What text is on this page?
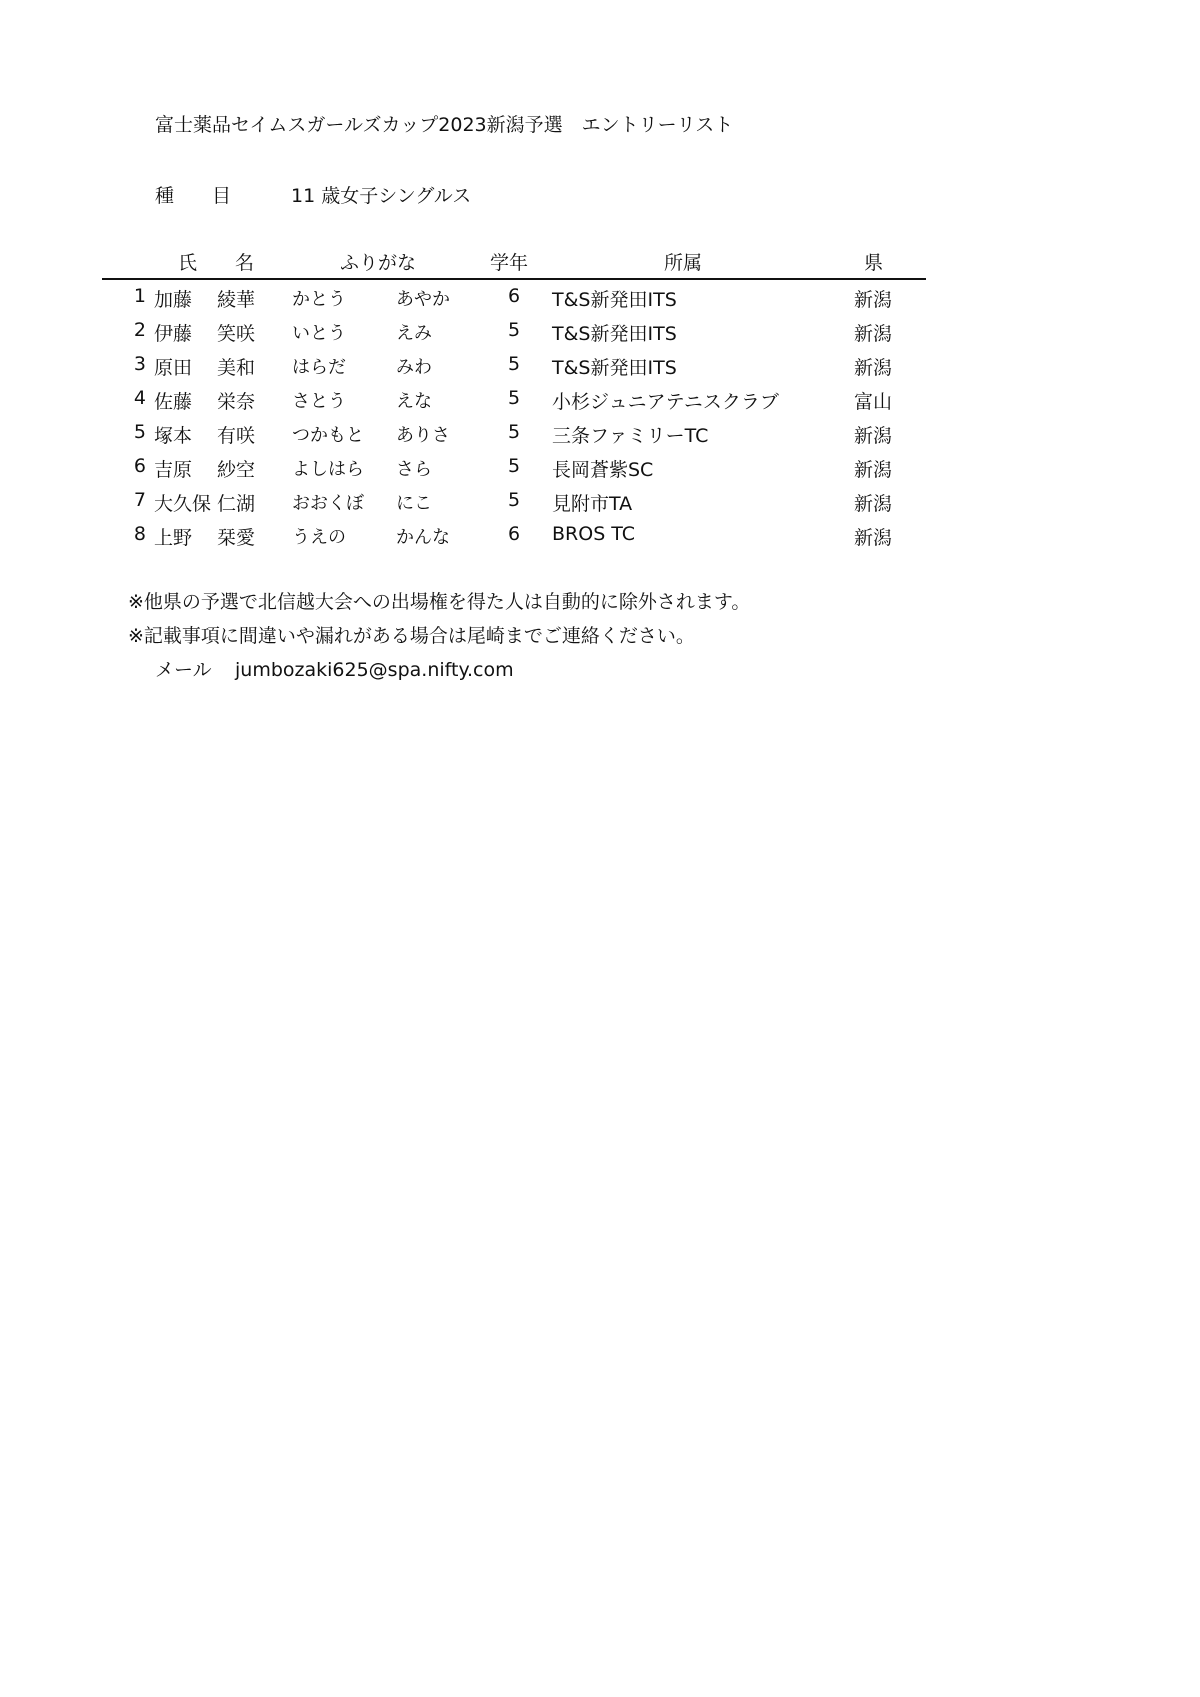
富士薬品セイムスガールズカップ2023新潟予選　エントリーリスト
種　　目	11 歳女子シングルス
氏　　名	ふりがな	学年	所属	県
1 加藤 綾華 かとう	あやか	6 T&S新発田ITS	新潟
2 伊藤 笑咲 いとう	えみ	5 T&S新発田ITS	新潟
3 原田 美和 はらだ	みわ	5 T&S新発田ITS	新潟
4 佐藤 栄奈 さとう	えな	5 小杉ジュニアテニスクラブ	富山
5 塚本 有咲 つかもと ありさ	5 三条ファミリーTC	新潟
6 吉原 紗空 よしはら さら	5 長岡蒼紫SC	新潟
7 大久保 仁湖 おおくぼ にこ	5 見附市TA	新潟
8 上野 栞愛 うえの	かんな	6 BROS TC	新潟
※他県の予選で北信越大会への出場権を得た人は自動的に除外されます。
※記載事項に間違いや漏れがある場合は尾崎までご連絡ください。
メール jumbozaki625@spa.nifty.com
